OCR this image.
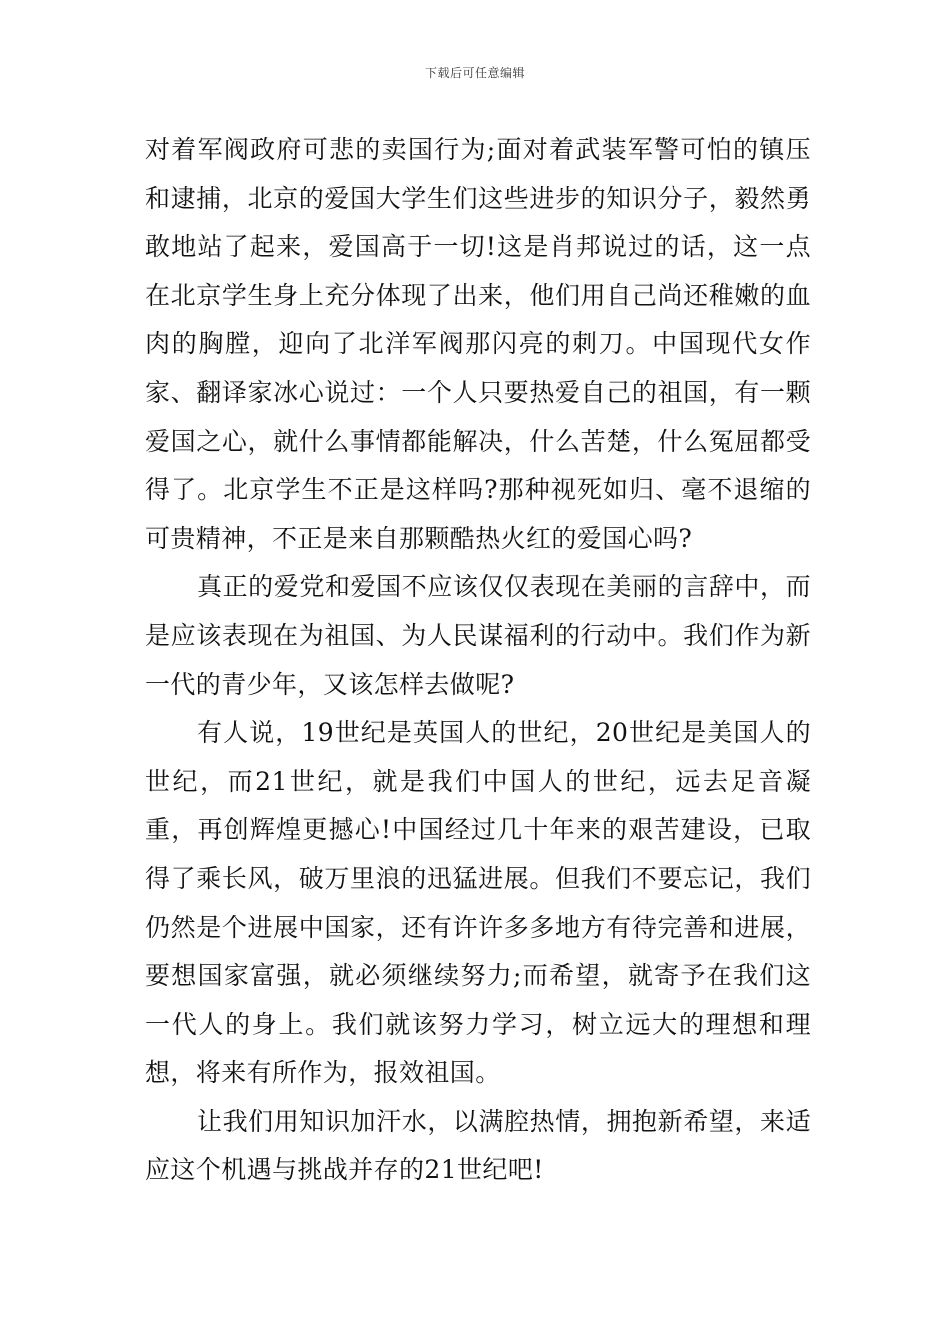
下载后可任意编辑

对着军阀政府可悲的卖国行为;面对着武装军警可怕的镇压和逮捕，北京的爱国大学生们这些进步的知识分子，毅然勇敢地站了起来，爱国高于一切!这是肖邦说过的话，这一点在北京学生身上充分体现了出来，他们用自己尚还稚嫩的血肉的胸膛，迎向了北洋军阀那闪亮的刺刀。中国现代女作家、翻译家冰心说过：一个人只要热爱自己的祖国，有一颗爱国之心，就什么事情都能解决，什么苦楚，什么冤屈都受得了。北京学生不正是这样吗?那种视死如归、毫不退缩的可贵精神，不正是来自那颗酷热火红的爱国心吗?

真正的爱党和爱国不应该仅仅表现在美丽的言辞中，而是应该表现在为祖国、为人民谋福利的行动中。我们作为新一代的青少年，又该怎样去做呢?

有人说，19世纪是英国人的世纪，20世纪是美国人的世纪，而21世纪，就是我们中国人的世纪，远去足音凝重，再创辉煌更撼心!中国经过几十年来的艰苦建设，已取得了乘长风，破万里浪的迅猛进展。但我们不要忘记，我们仍然是个进展中国家，还有许许多多地方有待完善和进展，要想国家富强，就必须继续努力;而希望，就寄予在我们这一代人的身上。我们就该努力学习，树立远大的理想和理想，将来有所作为，报效祖国。

让我们用知识加汗水，以满腔热情，拥抱新希望，来适应这个机遇与挑战并存的21世纪吧!
